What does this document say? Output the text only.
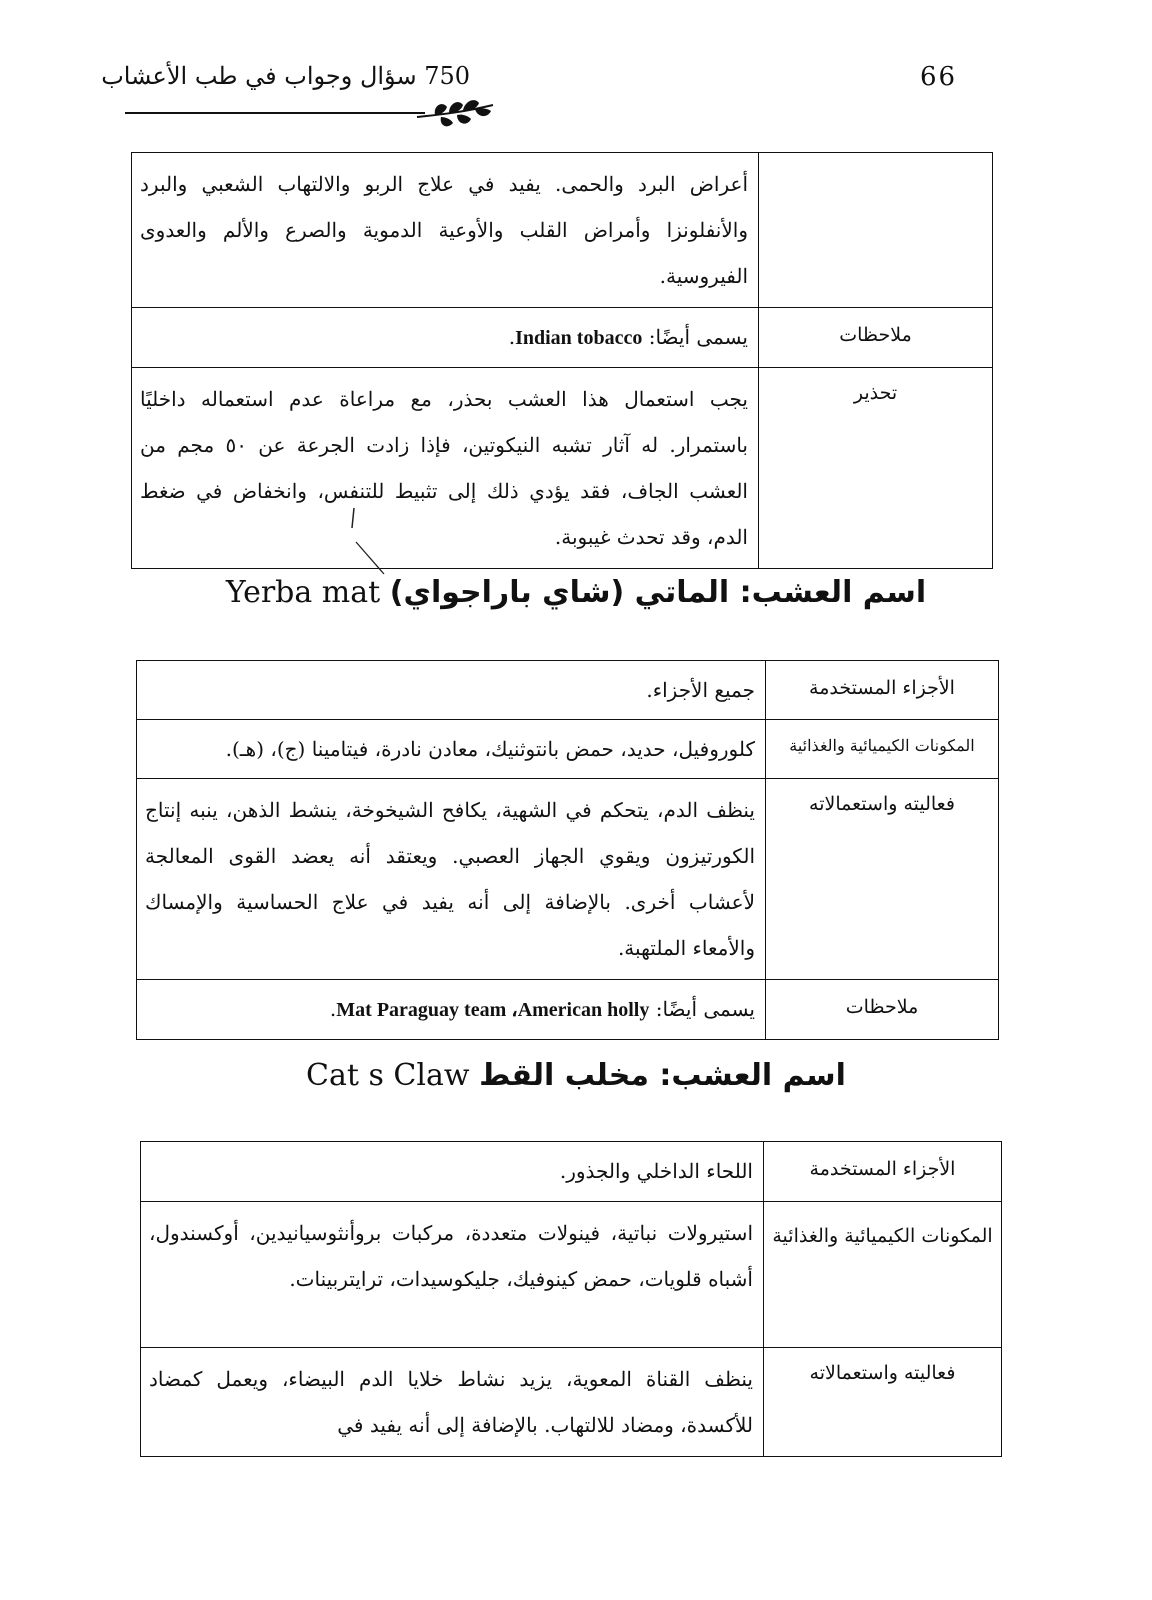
750 سؤال وجواب في طب الأعشاب	66
	أعراض البرد والحمى. يفيد في علاج الربو والالتهاب الشعبي والبرد والأنفلونزا وأمراض القلب والأوعية الدموية والصرع والألم والعدوى الفيروسية.
ملاحظات	يسمى أيضًا: Indian tobacco.
تحذير	يجب استعمال هذا العشب بحذر، مع مراعاة عدم استعماله داخليًا باستمرار. له آثار تشبه النيكوتين، فإذا زادت الجرعة عن ٥٠ مجم من العشب الجاف، فقد يؤدي ذلك إلى تثبيط للتنفس، وانخفاض في ضغط الدم، وقد تحدث غيبوبة.
Yerba mat اسم العشب: الماتي (شاي باراجواي)
الأجزاء المستخدمة	جميع الأجزاء.
المكونات الكيميائية والغذائية	كلوروفيل، حديد، حمض بانتوثنيك، معادن نادرة، فيتامينا (ج)، (هـ).
فعاليته واستعمالاته	ينظف الدم، يتحكم في الشهية، يكافح الشيخوخة، ينشط الذهن، ينبه إنتاج الكورتيزون ويقوي الجهاز العصبي. ويعتقد أنه يعضد القوى المعالجة لأعشاب أخرى. بالإضافة إلى أنه يفيد في علاج الحساسية والإمساك والأمعاء الملتهبة.
ملاحظات	يسمى أيضًا: Mat Paraguay team ،American holly.
Cat s Claw اسم العشب: مخلب القط
الأجزاء المستخدمة	اللحاء الداخلي والجذور.
المكونات الكيميائية والغذائية	استيرولات نباتية، فينولات متعددة، مركبات بروأنثوسيانيدين، أوكسندول، أشباه قلويات، حمض كينوفيك، جليكوسيدات، ترايتربينات.
فعاليته واستعمالاته	ينظف القناة المعوية، يزيد نشاط خلايا الدم البيضاء، ويعمل كمضاد للأكسدة، ومضاد للالتهاب. بالإضافة إلى أنه يفيد في
